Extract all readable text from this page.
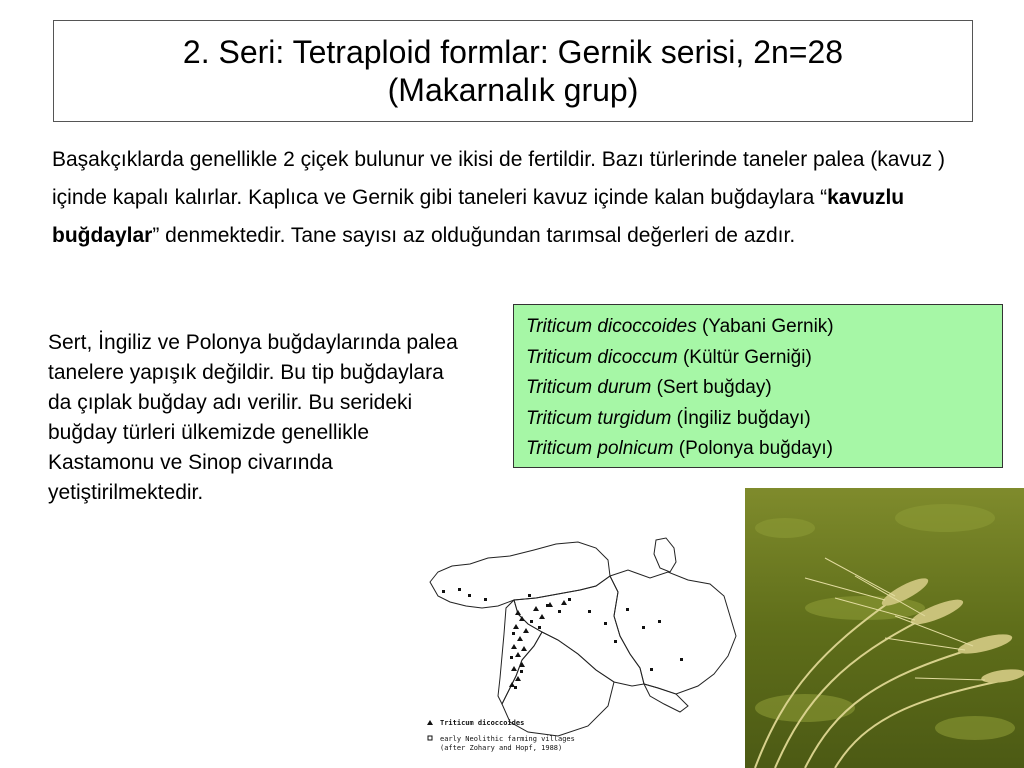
2. Seri: Tetraploid formlar: Gernik serisi, 2n=28
(Makarnalık grup)

Başakçıklarda genellikle 2 çiçek bulunur ve ikisi de fertildir. Bazı türlerinde taneler palea (kavuz ) içinde kapalı kalırlar. Kaplıca ve Gernik gibi taneleri kavuz içinde kalan buğdaylara “kavuzlu buğdaylar” denmektedir. Tane sayısı az olduğundan tarımsal değerleri de azdır.

Sert, İngiliz ve Polonya buğdaylarında palea tanelere yapışık değildir. Bu tip buğdaylara da çıplak buğday adı verilir. Bu serideki buğday türleri ülkemizde genellikle Kastamonu ve Sinop civarında yetiştirilmektedir.

Triticum dicoccoides (Yabani Gernik)
Triticum dicoccum (Kültür Gerniği)
Triticum durum (Sert buğday)
Triticum turgidum (İngiliz buğdayı)
Triticum polnicum (Polonya buğdayı)
Triticum dicoccoides
early Neolithic farming villages
(after Zohary and Hopf, 1988)
